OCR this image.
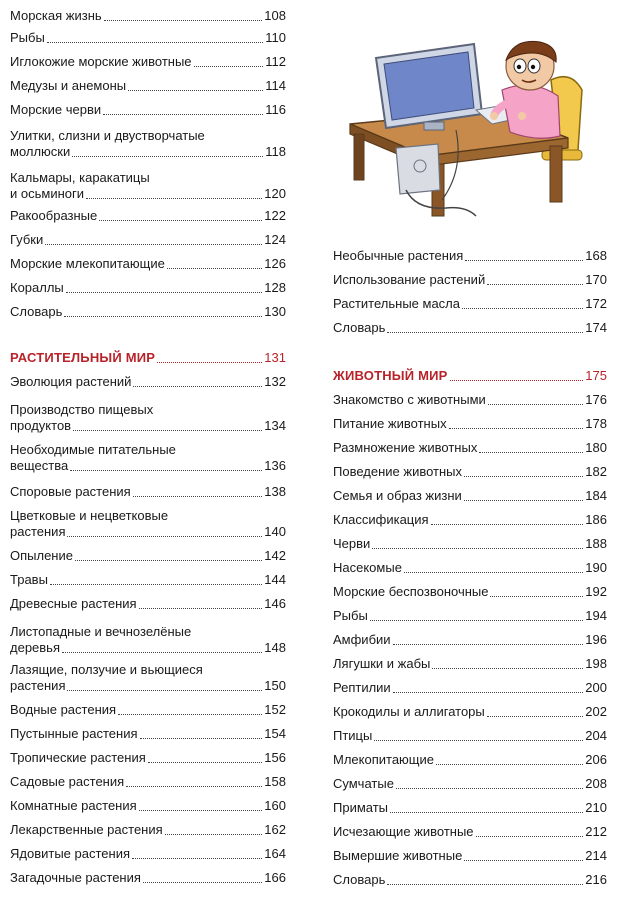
Морская жизнь	108
Рыбы	110
Иглокожие морские животные	112
Медузы и анемоны	114
Морские черви	116
Улитки, слизни и двустворчатые
моллюски	118
Кальмары, каракатицы
и осьминоги	120
Ракообразные	122
Губки	124
Морские млекопитающие	126
Кораллы	128
Словарь	130
РАСТИТЕЛЬНЫЙ МИР	131
Эволюция растений	132
Производство пищевых
продуктов	134
Необходимые питательные
вещества	136
Споровые растения	138
Цветковые и нецветковые
растения	140
Опыление	142
Травы	144
Древесные растения	146
Листопадные и вечнозелёные
деревья	148
Лазящие, ползучие и вьющиеся
растения	150
Водные растения	152
Пустынные растения	154
Тропические растения	156
Садовые растения	158
Комнатные растения	160
Лекарственные растения	162
Ядовитые растения	164
Загадочные растения	166
Необычные растения	168
Использование растений	170
Растительные масла	172
Словарь	174
ЖИВОТНЫЙ МИР	175
Знакомство с животными	176
Питание животных	178
Размножение животных	180
Поведение животных	182
Семья и образ жизни	184
Классификация	186
Черви	188
Насекомые	190
Морские беспозвоночные	192
Рыбы	194
Амфибии	196
Лягушки и жабы	198
Рептилии	200
Крокодилы и аллигаторы	202
Птицы	204
Млекопитающие	206
Сумчатые	208
Приматы	210
Исчезающие животные	212
Вымершие животные	214
Словарь	216
